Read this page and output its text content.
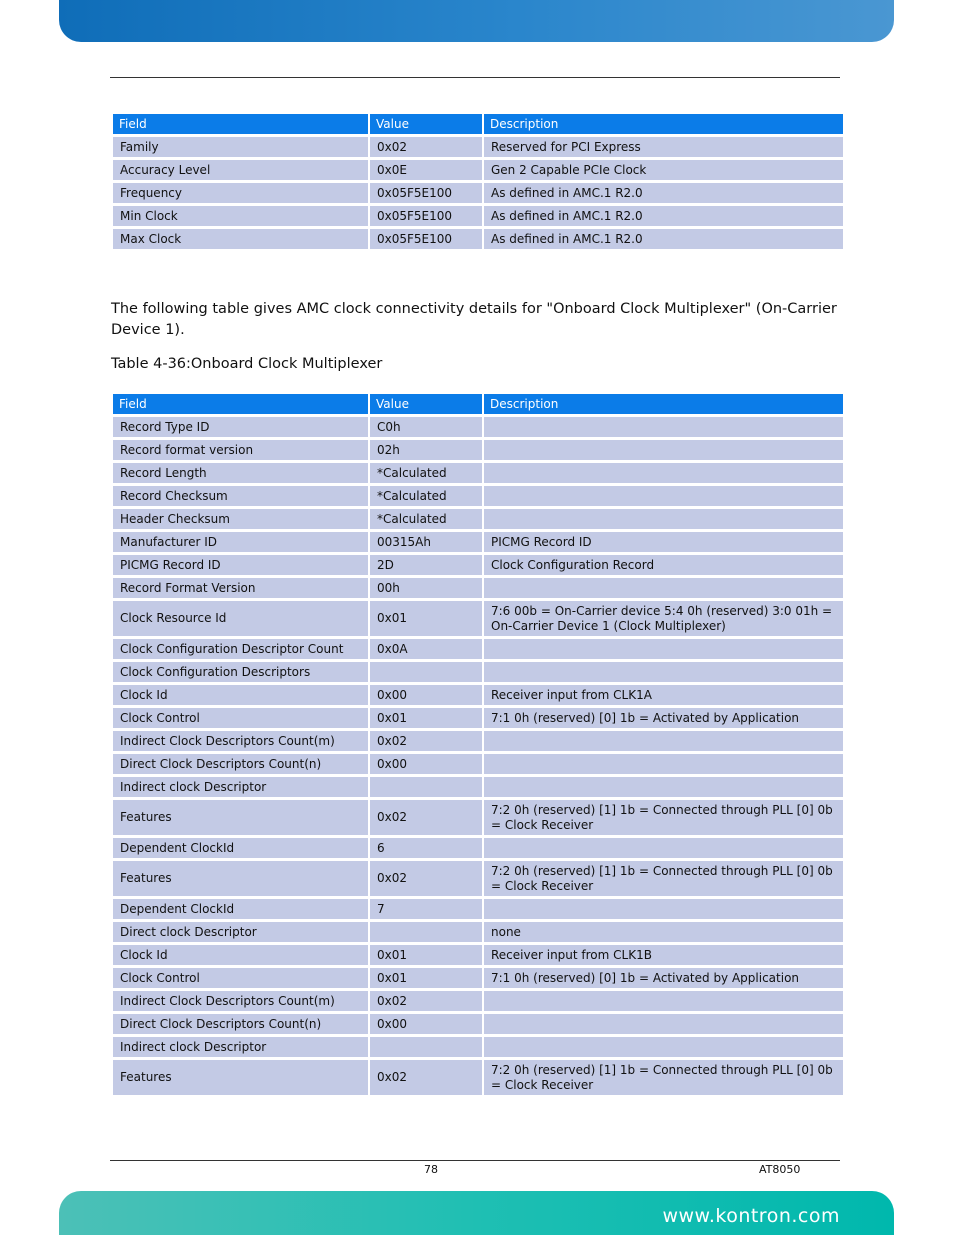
Field	Value	Description
Family	0x02	Reserved for PCI Express
Accuracy Level	0x0E	Gen 2 Capable PCIe Clock
Frequency	0x05F5E100	As defined in AMC.1 R2.0
Min Clock	0x05F5E100	As defined in AMC.1 R2.0
Max Clock	0x05F5E100	As defined in AMC.1 R2.0

The following table gives AMC clock connectivity details for "Onboard Clock Multiplexer" (On-Carrier Device 1).

Table 4-36:Onboard Clock Multiplexer

Field	Value	Description
Record Type ID	C0h	
Record format version	02h	
Record Length	*Calculated	
Record Checksum	*Calculated	
Header Checksum	*Calculated	
Manufacturer ID	00315Ah	PICMG Record ID
PICMG Record ID	2D	Clock Configuration Record
Record Format Version	00h	
Clock Resource Id	0x01	7:6 00b = On-Carrier device 5:4 0h (reserved) 3:0 01h = On-Carrier Device 1 (Clock Multiplexer)
Clock Configuration Descriptor Count	0x0A	
Clock Configuration Descriptors		
Clock Id	0x00	Receiver input from CLK1A
Clock Control	0x01	7:1 0h (reserved) [0] 1b = Activated by Application
Indirect Clock Descriptors Count(m)	0x02	
Direct Clock Descriptors Count(n)	0x00	
Indirect clock Descriptor		
Features	0x02	7:2 0h (reserved) [1] 1b = Connected through PLL [0] 0b = Clock Receiver
Dependent ClockId	6	
Features	0x02	7:2 0h (reserved) [1] 1b = Connected through PLL [0] 0b = Clock Receiver
Dependent ClockId	7	
Direct clock Descriptor		none
Clock Id	0x01	Receiver input from CLK1B
Clock Control	0x01	7:1 0h (reserved) [0] 1b = Activated by Application
Indirect Clock Descriptors Count(m)	0x02	
Direct Clock Descriptors Count(n)	0x00	
Indirect clock Descriptor		
Features	0x02	7:2 0h (reserved) [1] 1b = Connected through PLL [0] 0b = Clock Receiver
78	AT8050
www.kontron.com
